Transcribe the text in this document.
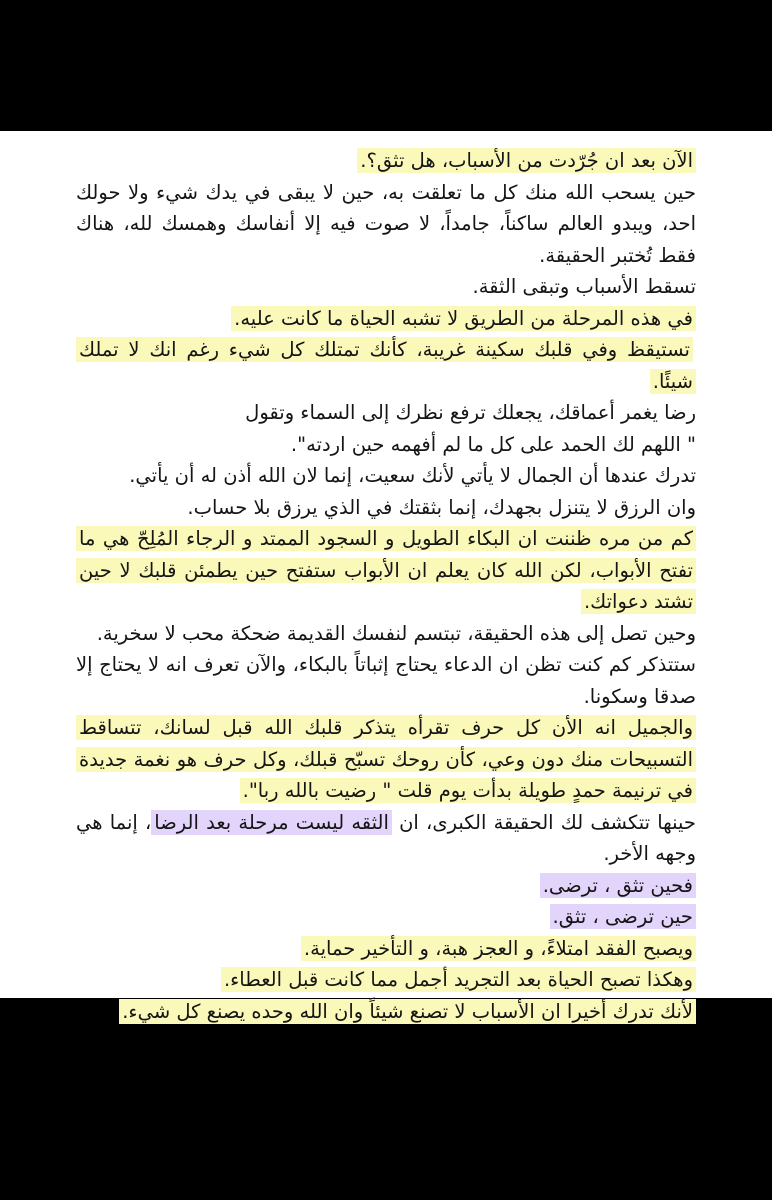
الآن بعد ان جُرّدت من الأسباب، هل تثق؟.

حين يسحب الله منك كل ما تعلقت به، حين لا يبقى في يدك شيء ولا حولك احد، ويبدو العالم ساكناً، جامداً، لا صوت فيه إلا أنفاسك وهمسك لله، هناك فقط تُختبر الحقيقة.

تسقط الأسباب وتبقى الثقة.

في هذه المرحلة من الطريق لا تشبه الحياة ما كانت عليه.

تستيقظ وفي قلبك سكينة غريبة، كأنك تمتلك كل شيء رغم انك لا تملك شيئًا.

رضا يغمر أعماقك، يجعلك ترفع نظرك إلى السماء وتقول

" اللهم لك الحمد على كل ما لم أفهمه حين اردته".

تدرك عندها أن الجمال لا يأتي لأنك سعيت، إنما لان الله أذن له أن يأتي.

وان الرزق لا يتنزل بجهدك، إنما بثقتك في الذي يرزق بلا حساب.

كم من مره ظننت ان البكاء الطويل و السجود الممتد و الرجاء المُلِحّ هي ما تفتح الأبواب، لكن الله كان يعلم ان الأبواب ستفتح حين يطمئن قلبك لا حين تشتد دعواتك.

وحين تصل إلى هذه الحقيقة، تبتسم لنفسك القديمة ضحكة محب لا سخرية.

ستتذكر كم كنت تظن ان الدعاء يحتاج إثباتاً بالبكاء، والآن تعرف انه لا يحتاج إلا صدقا وسكونا.

والجميل انه الأن كل حرف تقرأه يتذكر قلبك الله قبل لسانك، تتساقط التسبيحات منك دون وعي، كأن روحك تسبّح قبلك، وكل حرف هو نغمة جديدة في ترنيمة حمدٍ طويلة بدأت يوم قلت " رضيت بالله ربا".

حينها تتكشف لك الحقيقة الكبرى، ان الثقه ليست مرحلة بعد الرضا، إنما هي وجهه الأخر.

فحين تثق ، ترضى.

حين ترضى ، تثق.

ويصبح الفقد امتلاءً، و العجز هبة، و التأخير حماية.

وهكذا تصبح الحياة بعد التجريد أجمل مما كانت قبل العطاء.

لأنك تدرك أخيرا ان الأسباب لا تصنع شيئاً وان الله وحده يصنع كل شيء.
